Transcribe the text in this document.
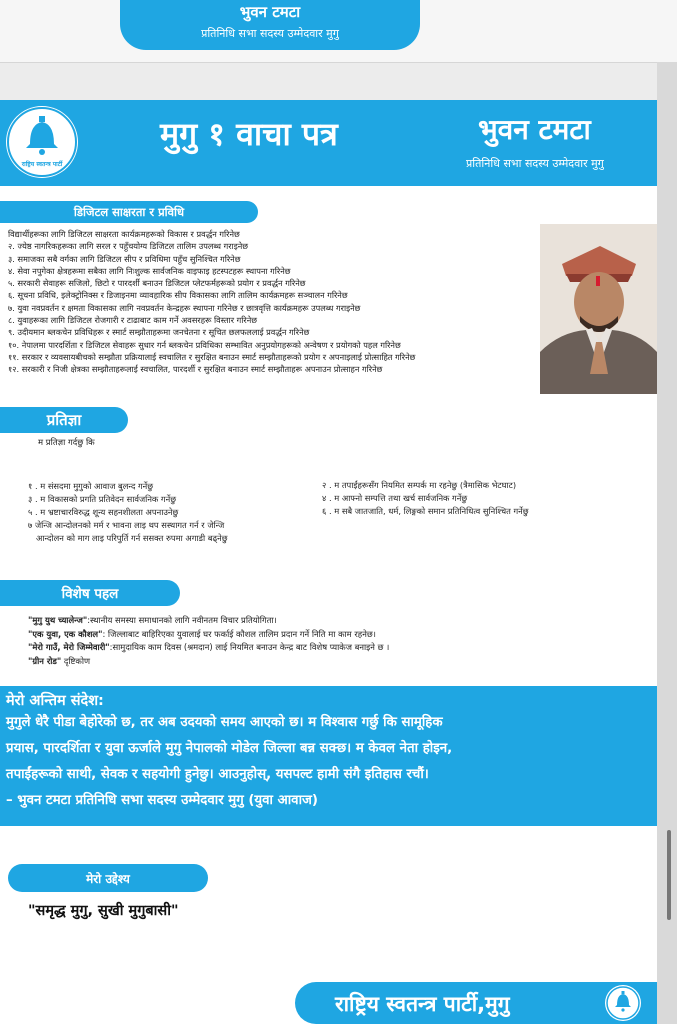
भुवन टमटा
प्रतिनिधि सभा सदस्य उम्मेदवार मुगु
राष्ट्रिय स्वतन्त्र पार्टी
मुगु १ वाचा पत्र	भुवन टमटा
प्रतिनिधि सभा सदस्य उम्मेदवार मुगु
डिजिटल साक्षरता र प्रविधि
विद्यार्थीहरूका लागि डिजिटल साक्षरता कार्यक्रमहरूको विकास र प्रवर्द्धन गरिनेछ
२. ज्येष्ठ नागरिकहरूका लागि सरल र पहुँचयोग्य डिजिटल तालिम उपलब्ध गराइनेछ
३. समाजका सबै वर्गका लागि डिजिटल सीप र प्रविधिमा पहुँच सुनिश्चित गरिनेछ
४. सेवा नपुगेका क्षेत्रहरूमा सबैका लागि निःशुल्क सार्वजनिक वाइफाइ हटस्पटहरू स्थापना गरिनेछ
५. सरकारी सेवाहरू सजिलो, छिटो र पारदर्शी बनाउन डिजिटल प्लेटफर्महरूको प्रयोग र प्रवर्द्धन गरिनेछ
६. सूचना प्रविधि, इलेक्ट्रोनिक्स र डिजाइनमा व्यावहारिक सीप विकासका लागि तालिम कार्यक्रमहरू सञ्चालन गरिनेछ
७. युवा नवप्रवर्तन र क्षमता विकासका लागि नवप्रवर्तन केन्द्रहरू स्थापना गरिनेछ र छात्रवृत्ति कार्यक्रमहरू उपलब्ध गराइनेछ
८. युवाहरूका लागि डिजिटल रोजगारी र टाढाबाट काम गर्ने अवसरहरू विस्तार गरिनेछ
९. उदीयमान ब्लकचेन प्रविधिहरू र स्मार्ट सम्झौताहरूमा जनचेतना र सूचित छलफललाई प्रवर्द्धन गरिनेछ
१०. नेपालमा पारदर्शिता र डिजिटल सेवाहरू सुधार गर्न ब्लकचेन प्रविधिका सम्भावित अनुप्रयोगहरूको अन्वेषण र प्रयोगको पहल गरिनेछ
११. सरकार र व्यवसायबीचको सम्झौता प्रक्रियालाई स्वचालित र सुरक्षित बनाउन स्मार्ट सम्झौताहरूको प्रयोग र अपनाइलाई प्रोत्साहित गरिनेछ
१२. सरकारी र निजी क्षेत्रका सम्झौताहरूलाई स्वचालित, पारदर्शी र सुरक्षित बनाउन स्मार्ट सम्झौताहरू अपनाउन प्रोत्साहन गरिनेछ
प्रतिज्ञा
म प्रतिज्ञा गर्दछु कि
१ . म संसदमा मुगुको आवाज बुलन्द गर्नेछु
३ . म विकासको प्रगति प्रतिवेदन सार्वजनिक गर्नेछु
५ . म भ्रष्टाचारविरुद्ध शून्य सहनशीलता अपनाउनेछु
७ जेन्जि आन्दोलनको मर्म र भावना लाइ थप सस्थागत गर्न र जेन्जि
आन्दोलन को माग लाइ परिपुर्ति गर्न ससक्त रुपमा अगाडी बढ्नेछु
२ . म तपाईंहरूसँग नियमित सम्पर्क मा रहनेछु (त्रैमासिक भेटघाट)
४ . म आफ्नो सम्पत्ति तथा खर्च सार्वजनिक गर्नेछु
६ . म सबै जातजाति, धर्म, लिङ्गको समान प्रतिनिधित्व सुनिश्चित गर्नेछु
विशेष पहल
"मुगु युथ च्यालेन्ज":स्थानीय समस्या समाधानको लागि नवीनतम विचार प्रतियोगिता।
"एक युवा, एक कौशल": जिल्लाबाट बाहिरिएका युवालाई घर फर्काई कौशल तालिम प्रदान गर्ने निति मा काम रहनेछ।
"मेरो गाउँ, मेरो जिम्मेवारी":सामुदायिक काम दिवस (श्रमदान) लाई नियमित बनाउन केन्द्र बाट विशेष प्याकेज बनाइने छ ।
"ग्रीन रोड" दृष्टिकोण
मेरो अन्तिम संदेश:
मुगुले धेरै पीडा बेहोरेको छ, तर अब उदयको समय आएको छ। म विश्वास गर्छु कि सामूहिक
प्रयास, पारदर्शिता र युवा ऊर्जाले मुगु नेपालको मोडेल जिल्ला बन्न सक्छ। म केवल नेता होइन,
तपाईंहरूको साथी, सेवक र सहयोगी हुनेछु। आउनुहोस्, यसपल्ट हामी संगै इतिहास रचौं।
– भुवन टमटा प्रतिनिधि सभा सदस्य उम्मेदवार मुगु (युवा आवाज)
मेरो उद्देश्य
"समृद्ध मुगु, सुखी मुगुबासी"
राष्ट्रिय स्वतन्त्र पार्टी,मुगु
